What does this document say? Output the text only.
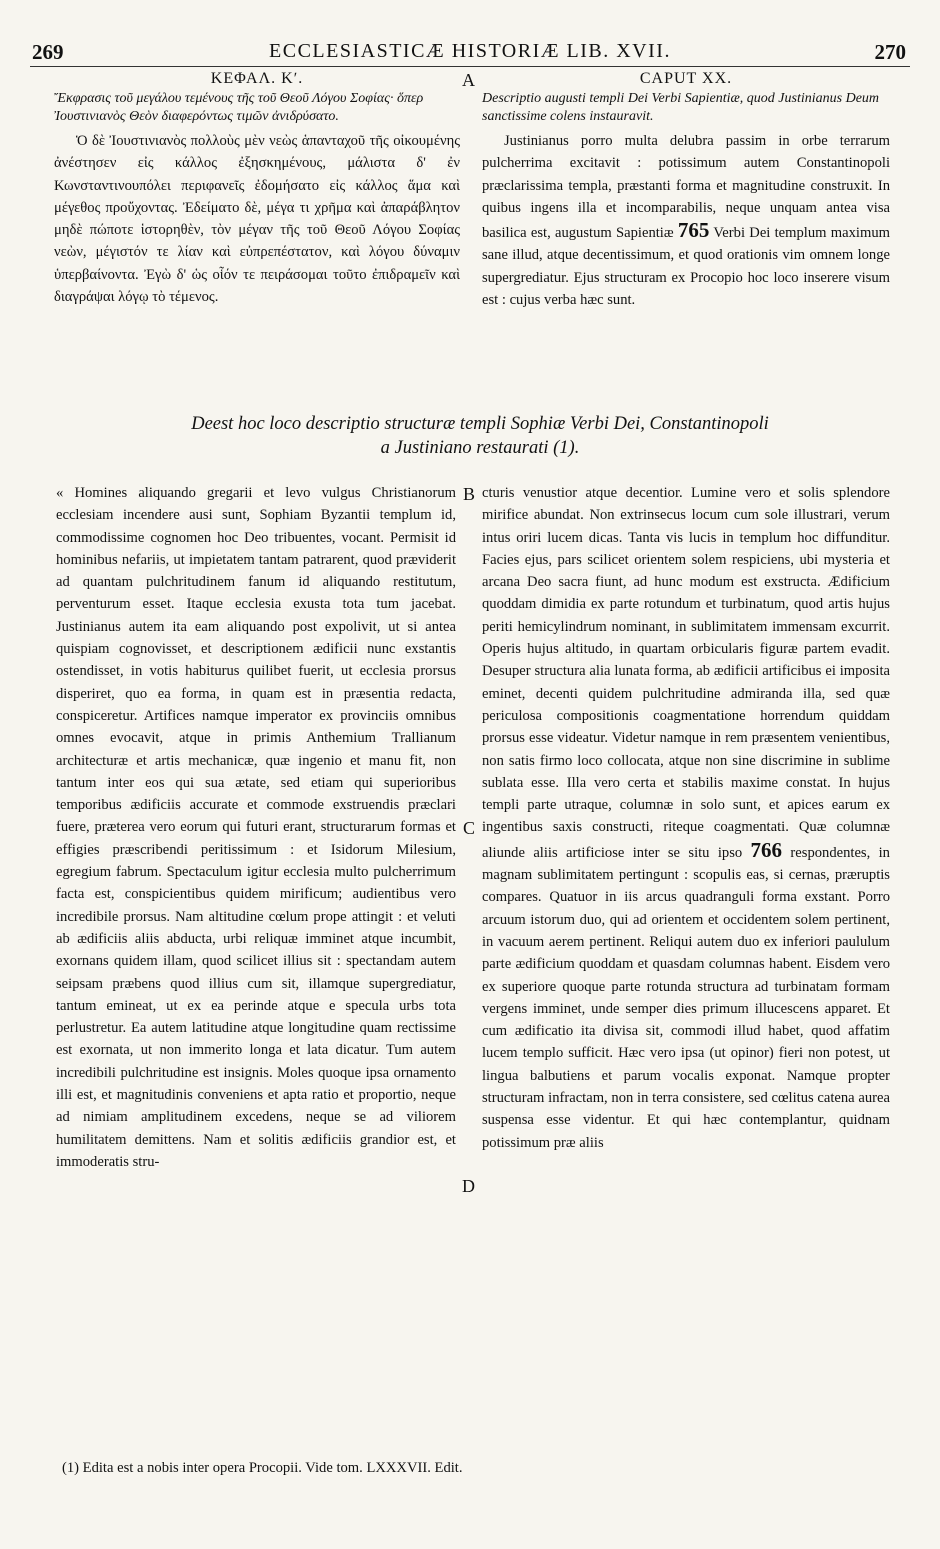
269	ECCLESIASTICÆ HISTORIÆ LIB. XVII.	270
A
B
C
D

ΚΕΦΑΛ. Κʹ.

Ἔκφρασις τοῦ μεγάλου τεμένους τῆς τοῦ Θεοῦ Λόγου Σοφίας· ὅπερ Ἰουστινιανὸς Θεὸν διαφερόντως τιμῶν ἀνιδρύσατο.

Ὁ δὲ Ἰουστινιανὸς πολλοὺς μὲν νεὼς ἁπανταχοῦ τῆς οἰκουμένης ἀνέστησεν εἰς κάλλος ἐξησκημένους, μάλιστα δ' ἐν Κωνσταντινουπόλει περιφανεῖς ἐδομήσατο εἰς κάλλος ἅμα καὶ μέγεθος προὔχοντας. Ἐδείματο δὲ, μέγα τι χρῆμα καὶ ἀπαράβλητον μηδὲ πώποτε ἱστορηθὲν, τὸν μέγαν τῆς τοῦ Θεοῦ Λόγου Σοφίας νεὼν, μέγιστόν τε λίαν καὶ εὐπρεπέστατον, καὶ λόγου δύναμιν ὑπερβαίνοντα. Ἐγὼ δ' ὡς οἷόν τε πειράσομαι τοῦτο ἐπιδραμεῖν καὶ διαγράψαι λόγῳ τὸ τέμενος.

CAPUT XX.

Descriptio augusti templi Dei Verbi Sapientiæ, quod Justinianus Deum sanctissime colens instauravit.

Justinianus porro multa delubra passim in orbe terrarum pulcherrima excitavit : potissimum autem Constantinopoli præclarissima templa, præstanti forma et magnitudine construxit. In quibus ingens illa et incomparabilis, neque unquam antea visa basilica est, augustum Sapientiæ 765 Verbi Dei templum maximum sane illud, atque decentissimum, et quod orationis vim omnem longe supergrediatur. Ejus structuram ex Procopio hoc loco inserere visum est : cujus verba hæc sunt.

Deest hoc loco descriptio structuræ templi Sophiæ Verbi Dei, Constantinopoli
a Justiniano restaurati (1).

« Homines aliquando gregarii et levo vulgus Christianorum ecclesiam incendere ausi sunt, Sophiam Byzantii templum id, commodissime cognomen hoc Deo tribuentes, vocant. Permisit id hominibus nefariis, ut impietatem tantam patrarent, quod præviderit ad quantam pulchritudinem fanum id aliquando restitutum, perventurum esset. Itaque ecclesia exusta tota tum jacebat. Justinianus autem ita eam aliquando post expolivit, ut si antea quispiam cognovisset, et descriptionem ædificii nunc exstantis ostendisset, in votis habiturus quilibet fuerit, ut ecclesia prorsus disperiret, quo ea forma, in quam est in præsentia redacta, conspiceretur. Artifices namque imperator ex provinciis omnibus omnes evocavit, atque in primis Anthemium Trallianum architecturæ et artis mechanicæ, quæ ingenio et manu fit, non tantum inter eos qui sua ætate, sed etiam qui superioribus temporibus ædificiis accurate et commode exstruendis præclari fuere, præterea vero eorum qui futuri erant, structurarum formas et effigies præscribendi peritissimum : et Isidorum Milesium, egregium fabrum. Spectaculum igitur ecclesia multo pulcherrimum facta est, conspicientibus quidem mirificum; audientibus vero incredibile prorsus. Nam altitudine cœlum prope attingit : et veluti ab ædificiis aliis abducta, urbi reliquæ imminet atque incumbit, exornans quidem illam, quod scilicet illius sit : spectandam autem seipsam præbens quod illius cum sit, illamque supergrediatur, tantum emineat, ut ex ea perinde atque e specula urbs tota perlustretur. Ea autem latitudine atque longitudine quam rectissime est exornata, ut non immerito longa et lata dicatur. Tum autem incredibili pulchritudine est insignis. Moles quoque ipsa ornamento illi est, et magnitudinis conveniens et apta ratio et proportio, neque ad nimiam amplitudinem excedens, neque se ad viliorem humilitatem demittens. Nam et solitis ædificiis grandior est, et immoderatis stru-

cturis venustior atque decentior. Lumine vero et solis splendore mirifice abundat. Non extrinsecus locum cum sole illustrari, verum intus oriri lucem dicas. Tanta vis lucis in templum hoc diffunditur. Facies ejus, pars scilicet orientem solem respiciens, ubi mysteria et arcana Deo sacra fiunt, ad hunc modum est exstructa. Ædificium quoddam dimidia ex parte rotundum et turbinatum, quod artis hujus periti hemicylindrum nominant, in sublimitatem immensam excurrit. Operis hujus altitudo, in quartam orbicularis figuræ partem evadit. Desuper structura alia lunata forma, ab ædificii artificibus ei imposita eminet, decenti quidem pulchritudine admiranda illa, sed quæ periculosa compositionis coagmentatione horrendum quiddam prorsus esse videatur. Videtur namque in rem præsentem venientibus, non satis firmo loco collocata, atque non sine discrimine in sublime sublata esse. Illa vero certa et stabilis maxime constat. In hujus templi parte utraque, columnæ in solo sunt, et apices earum ex ingentibus saxis constructi, riteque coagmentati. Quæ columnæ aliunde aliis artificiose inter se situ ipso 766 respondentes, in magnam sublimitatem pertingunt : scopulis eas, si cernas, præruptis compares. Quatuor in iis arcus quadranguli forma exstant. Porro arcuum istorum duo, qui ad orientem et occidentem solem pertinent, in vacuum aerem pertinent. Reliqui autem duo ex inferiori paululum parte ædificium quoddam et quasdam columnas habent. Eisdem vero ex superiore quoque parte rotunda structura ad turbinatam formam vergens imminet, unde semper dies primum illucescens apparet. Et cum ædificatio ita divisa sit, commodi illud habet, quod affatim lucem templo sufficit. Hæc vero ipsa (ut opinor) fieri non potest, ut lingua balbutiens et parum vocalis exponat. Namque propter structuram infractam, non in terra consistere, sed cœlitus catena aurea suspensa esse videntur. Et qui hæc contemplantur, quidnam potissimum præ aliis

(1) Edita est a nobis inter opera Procopii. Vide tom. LXXXVII. Edit.
